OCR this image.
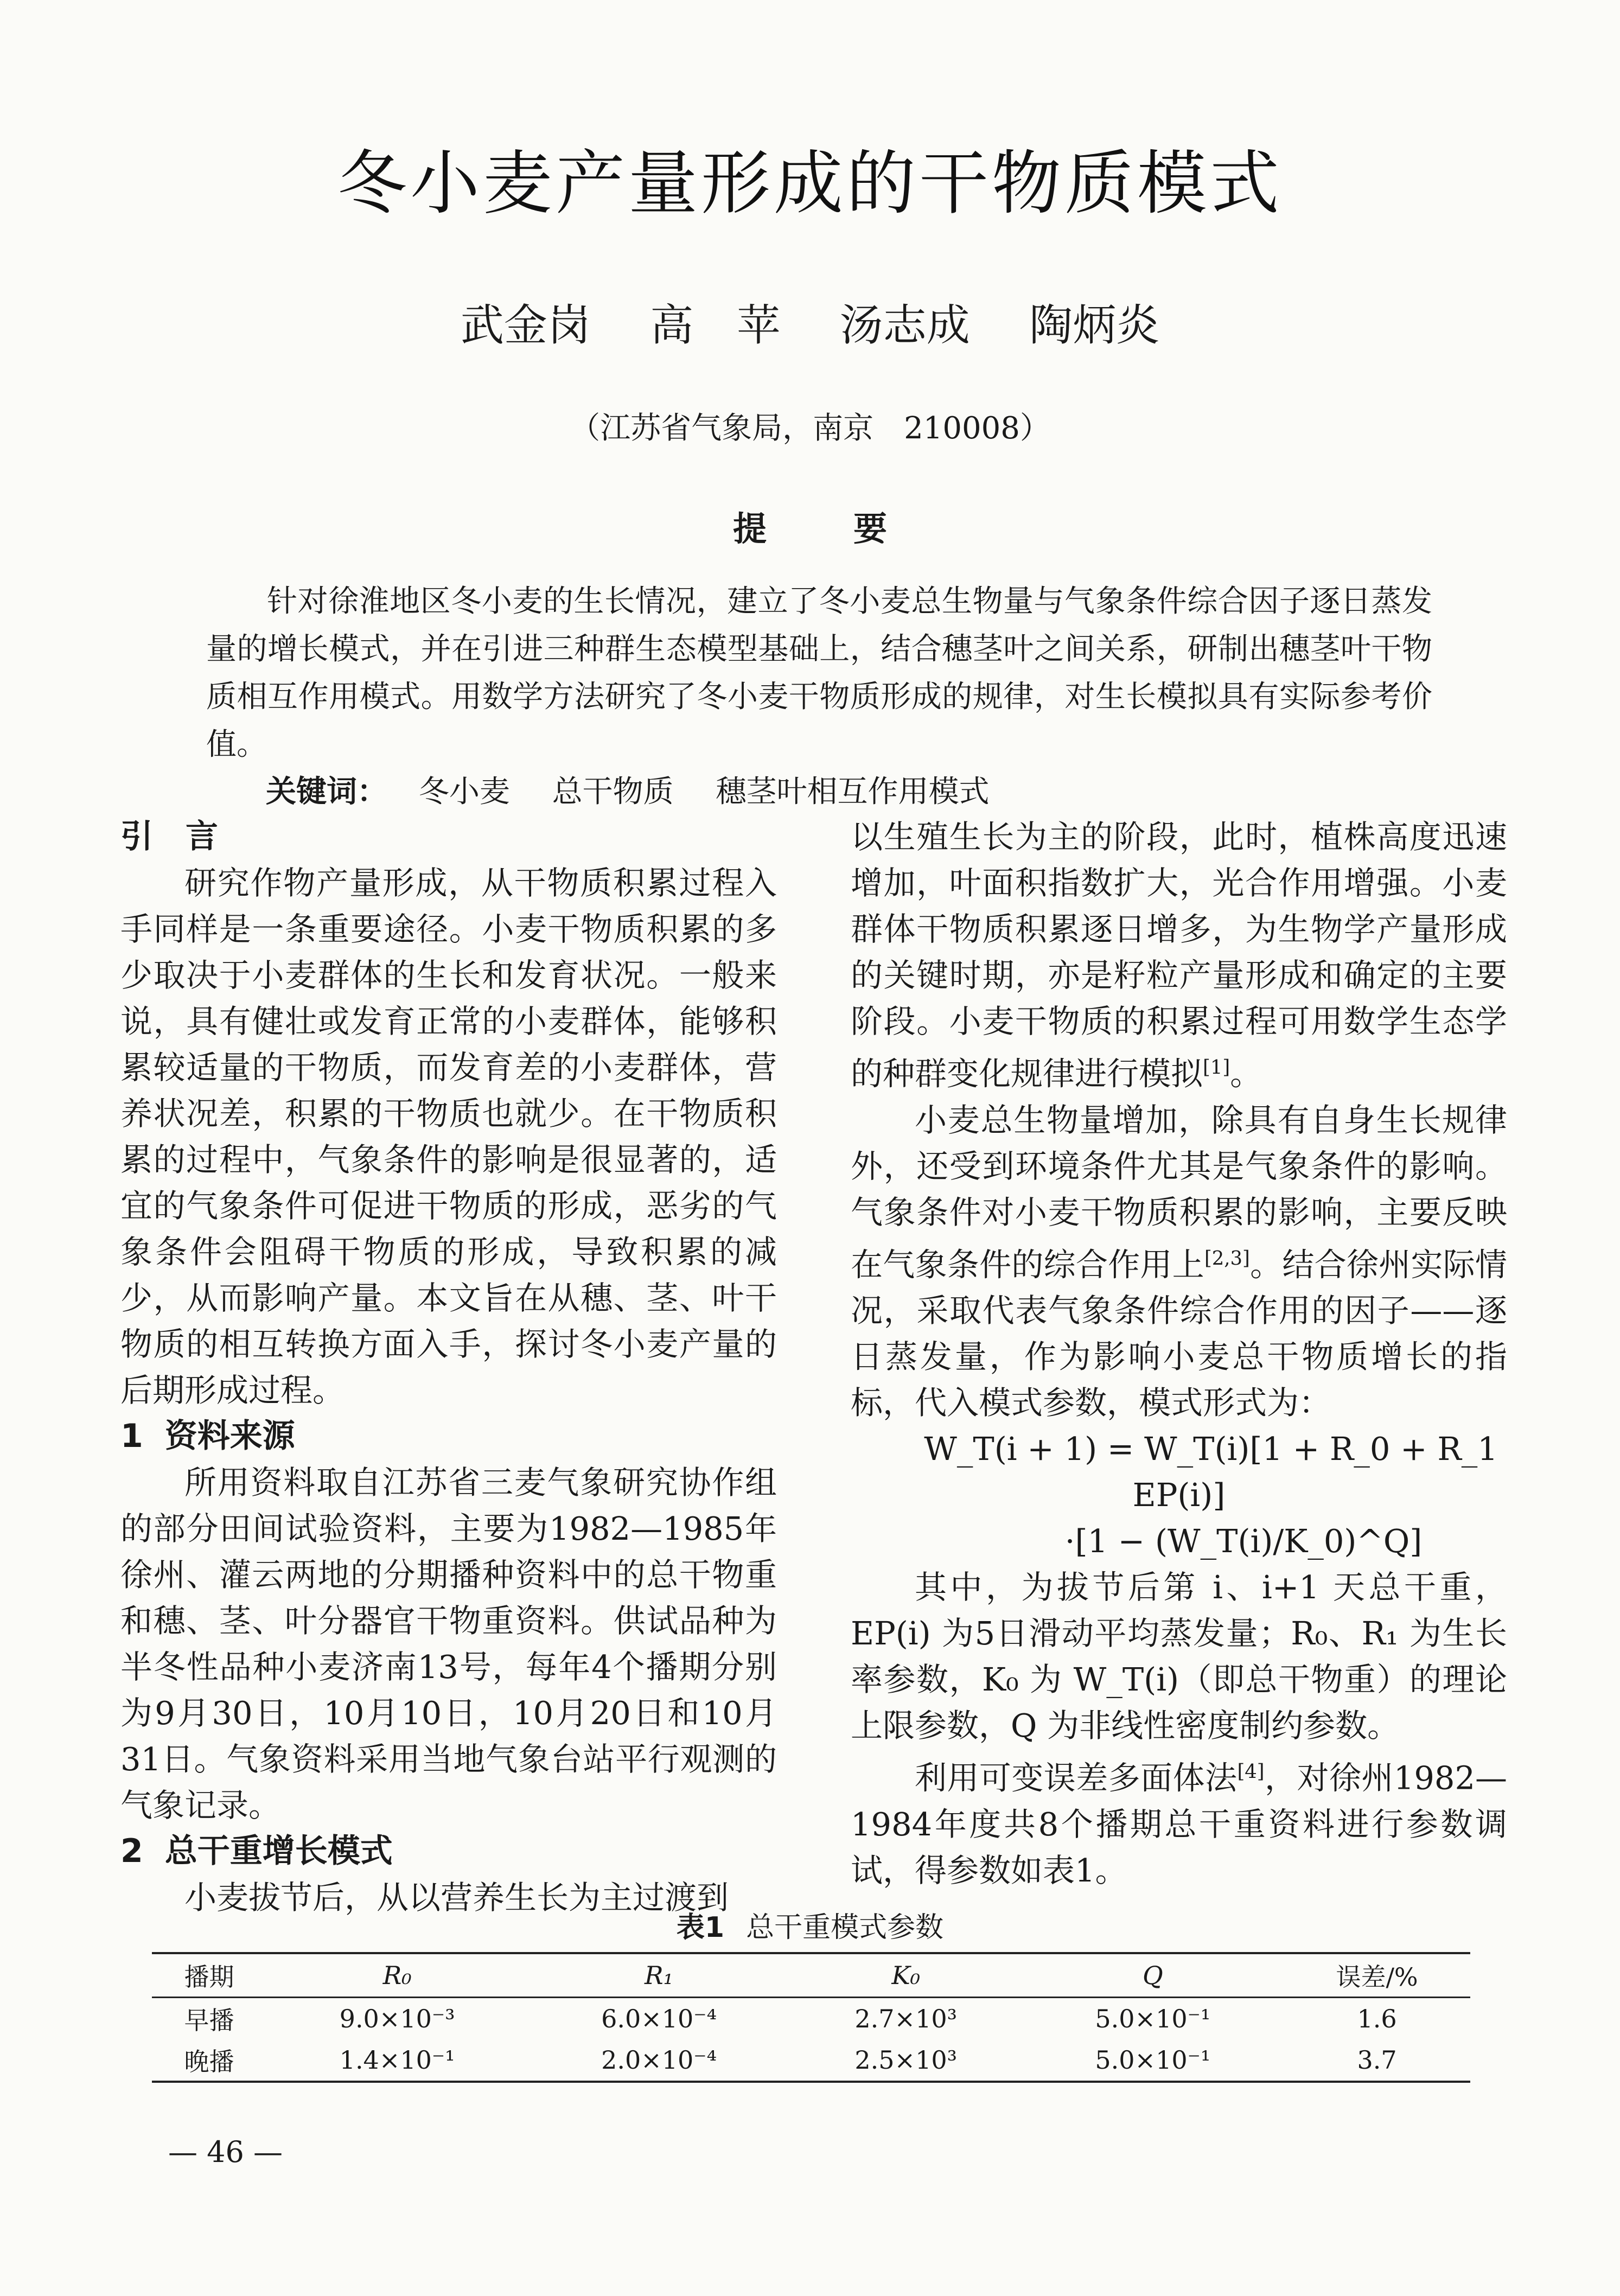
冬小麦产量形成的干物质模式
武金岗 高　苹 汤志成 陶炳炎
（江苏省气象局，南京　210008）
提要
针对徐淮地区冬小麦的生长情况，建立了冬小麦总生物量与气象条件综合因子逐日蒸发量的增长模式，并在引进三种群生态模型基础上，结合穗茎叶之间关系，研制出穗茎叶干物质相互作用模式。用数学方法研究了冬小麦干物质形成的规律，对生长模拟具有实际参考价值。
关键词： 冬小麦 总干物质 穗茎叶相互作用模式
引　言

研究作物产量形成，从干物质积累过程入手同样是一条重要途径。小麦干物质积累的多少取决于小麦群体的生长和发育状况。一般来说，具有健壮或发育正常的小麦群体，能够积累较适量的干物质，而发育差的小麦群体，营养状况差，积累的干物质也就少。在干物质积累的过程中，气象条件的影响是很显著的，适宜的气象条件可促进干物质的形成，恶劣的气象条件会阻碍干物质的形成，导致积累的减少，从而影响产量。本文旨在从穗、茎、叶干物质的相互转换方面入手，探讨冬小麦产量的后期形成过程。

1 资料来源

所用资料取自江苏省三麦气象研究协作组的部分田间试验资料，主要为1982—1985年徐州、灌云两地的分期播种资料中的总干物重和穗、茎、叶分器官干物重资料。供试品种为半冬性品种小麦济南13号，每年4个播期分别为9月30日，10月10日，10月20日和10月31日。气象资料采用当地气象台站平行观测的气象记录。

2 总干重增长模式

小麦拔节后，从以营养生长为主过渡到

以生殖生长为主的阶段，此时，植株高度迅速增加，叶面积指数扩大，光合作用增强。小麦群体干物质积累逐日增多，为生物学产量形成的关键时期，亦是籽粒产量形成和确定的主要阶段。小麦干物质的积累过程可用数学生态学的种群变化规律进行模拟[1]。

小麦总生物量增加，除具有自身生长规律外，还受到环境条件尤其是气象条件的影响。气象条件对小麦干物质积累的影响，主要反映在气象条件的综合作用上[2,3]。结合徐州实际情况，采取代表气象条件综合作用的因子——逐日蒸发量，作为影响小麦总干物质增长的指标，代入模式参数，模式形式为：

W_T(i + 1) = W_T(i)[1 + R_0 + R_1 EP(i)]

·[1 − (W_T(i)/K_0)^Q]

其中，为拔节后第 i、i+1 天总干重，EP(i) 为5日滑动平均蒸发量；R₀、R₁ 为生长率参数，K₀ 为 W_T(i)（即总干物重）的理论上限参数，Q 为非线性密度制约参数。

利用可变误差多面体法[4]，对徐州1982—1984年度共8个播期总干重资料进行参数调试，得参数如表1。

表1 总干重模式参数
播期	R₀	R₁	K₀	Q	误差/%
早播	9.0×10⁻³	6.0×10⁻⁴	2.7×10³	5.0×10⁻¹	1.6
晚播	1.4×10⁻¹	2.0×10⁻⁴	2.5×10³	5.0×10⁻¹	3.7
— 46 —
